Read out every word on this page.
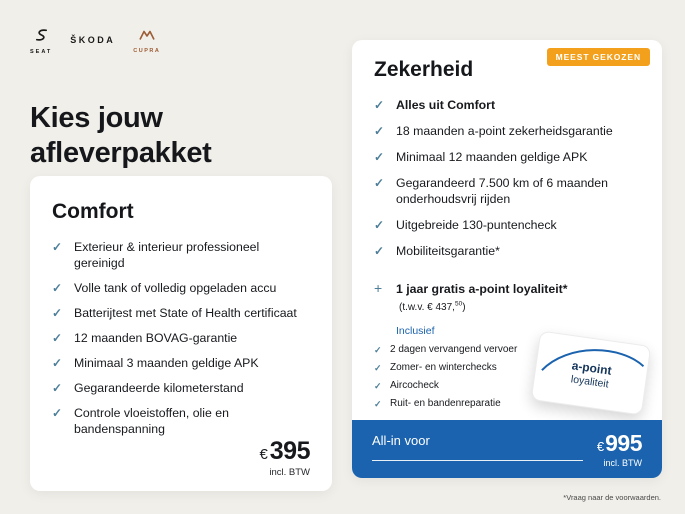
SEAT
ŠKODA
CUPRA
Kies jouw afleverpakket
Comfort
✓ Exterieur & interieur professioneel gereinigd
✓ Volle tank of volledig opgeladen accu
✓ Batterijtest met State of Health certificaat
✓ 12 maanden BOVAG-garantie
✓ Minimaal 3 maanden geldige APK
✓ Gegarandeerde kilometerstand
✓ Controle vloeistoffen, olie en bandenspanning
€395
incl. BTW
MEEST GEKOZEN
Zekerheid
✓ Alles uit Comfort
✓ 18 maanden a-point zekerheidsgarantie
✓ Minimaal 12 maanden geldige APK
✓ Gegarandeerd 7.500 km of 6 maanden onderhoudsvrij rijden
✓ Uitgebreide 130-puntencheck
✓ Mobiliteitsgarantie*
+	1 jaar gratis a-point loyaliteit* (t.w.v. € 437,50)
Inclusief
✓ 2 dagen vervangend vervoer
✓ Zomer- en winterchecks
✓ Aircocheck
✓ Ruit- en bandenreparatie
a-point
loyaliteit
All-in voor	€995
incl. BTW
*Vraag naar de voorwaarden.
